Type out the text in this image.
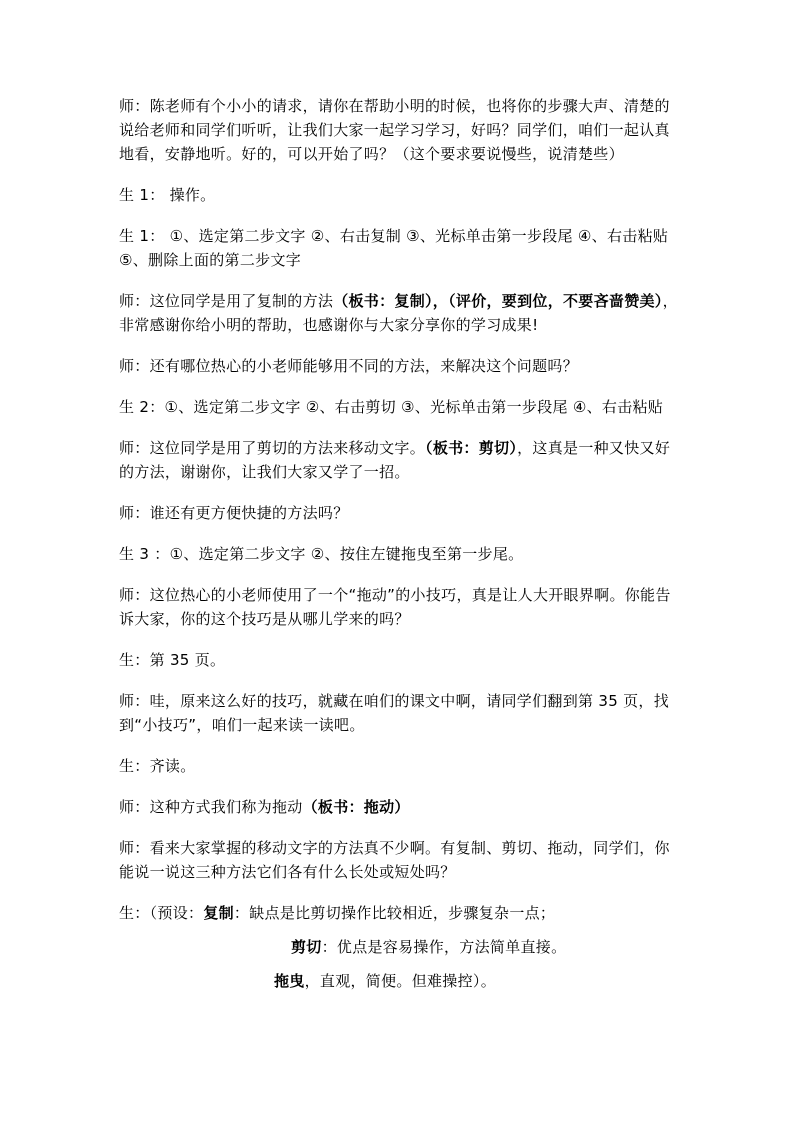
师：陈老师有个小小的请求，请你在帮助小明的时候，也将你的步骤大声、清楚的说给老师和同学们听听，让我们大家一起学习学习，好吗？同学们，咱们一起认真地看，安静地听。好的，可以开始了吗？（这个要求要说慢些，说清楚些）

生 1： 操作。

生 1： ①、选定第二步文字 ②、右击复制 ③、光标单击第一步段尾 ④、右击粘贴 ⑤、删除上面的第二步文字

师：这位同学是用了复制的方法（板书：复制），（评价，要到位，不要吝啬赞美），非常感谢你给小明的帮助，也感谢你与大家分享你的学习成果!

师：还有哪位热心的小老师能够用不同的方法，来解决这个问题吗？

生 2：①、选定第二步文字 ②、右击剪切 ③、光标单击第一步段尾 ④、右击粘贴

师：这位同学是用了剪切的方法来移动文字。（板书：剪切），这真是一种又快又好的方法，谢谢你，让我们大家又学了一招。

师：谁还有更方便快捷的方法吗？

生 3 ：①、选定第二步文字 ②、按住左键拖曳至第一步尾。

师：这位热心的小老师使用了一个“拖动”的小技巧，真是让人大开眼界啊。你能告诉大家，你的这个技巧是从哪儿学来的吗？

生：第 35 页。

师：哇，原来这么好的技巧，就藏在咱们的课文中啊，请同学们翻到第 35 页，找到“小技巧”，咱们一起来读一读吧。

生：齐读。

师：这种方式我们称为拖动（板书：拖动）

师：看来大家掌握的移动文字的方法真不少啊。有复制、剪切、拖动，同学们，你能说一说这三种方法它们各有什么长处或短处吗？

生：（预设：复制：缺点是比剪切操作比较相近，步骤复杂一点；

剪切：优点是容易操作，方法简单直接。

拖曳，直观，简便。但难操控）。
